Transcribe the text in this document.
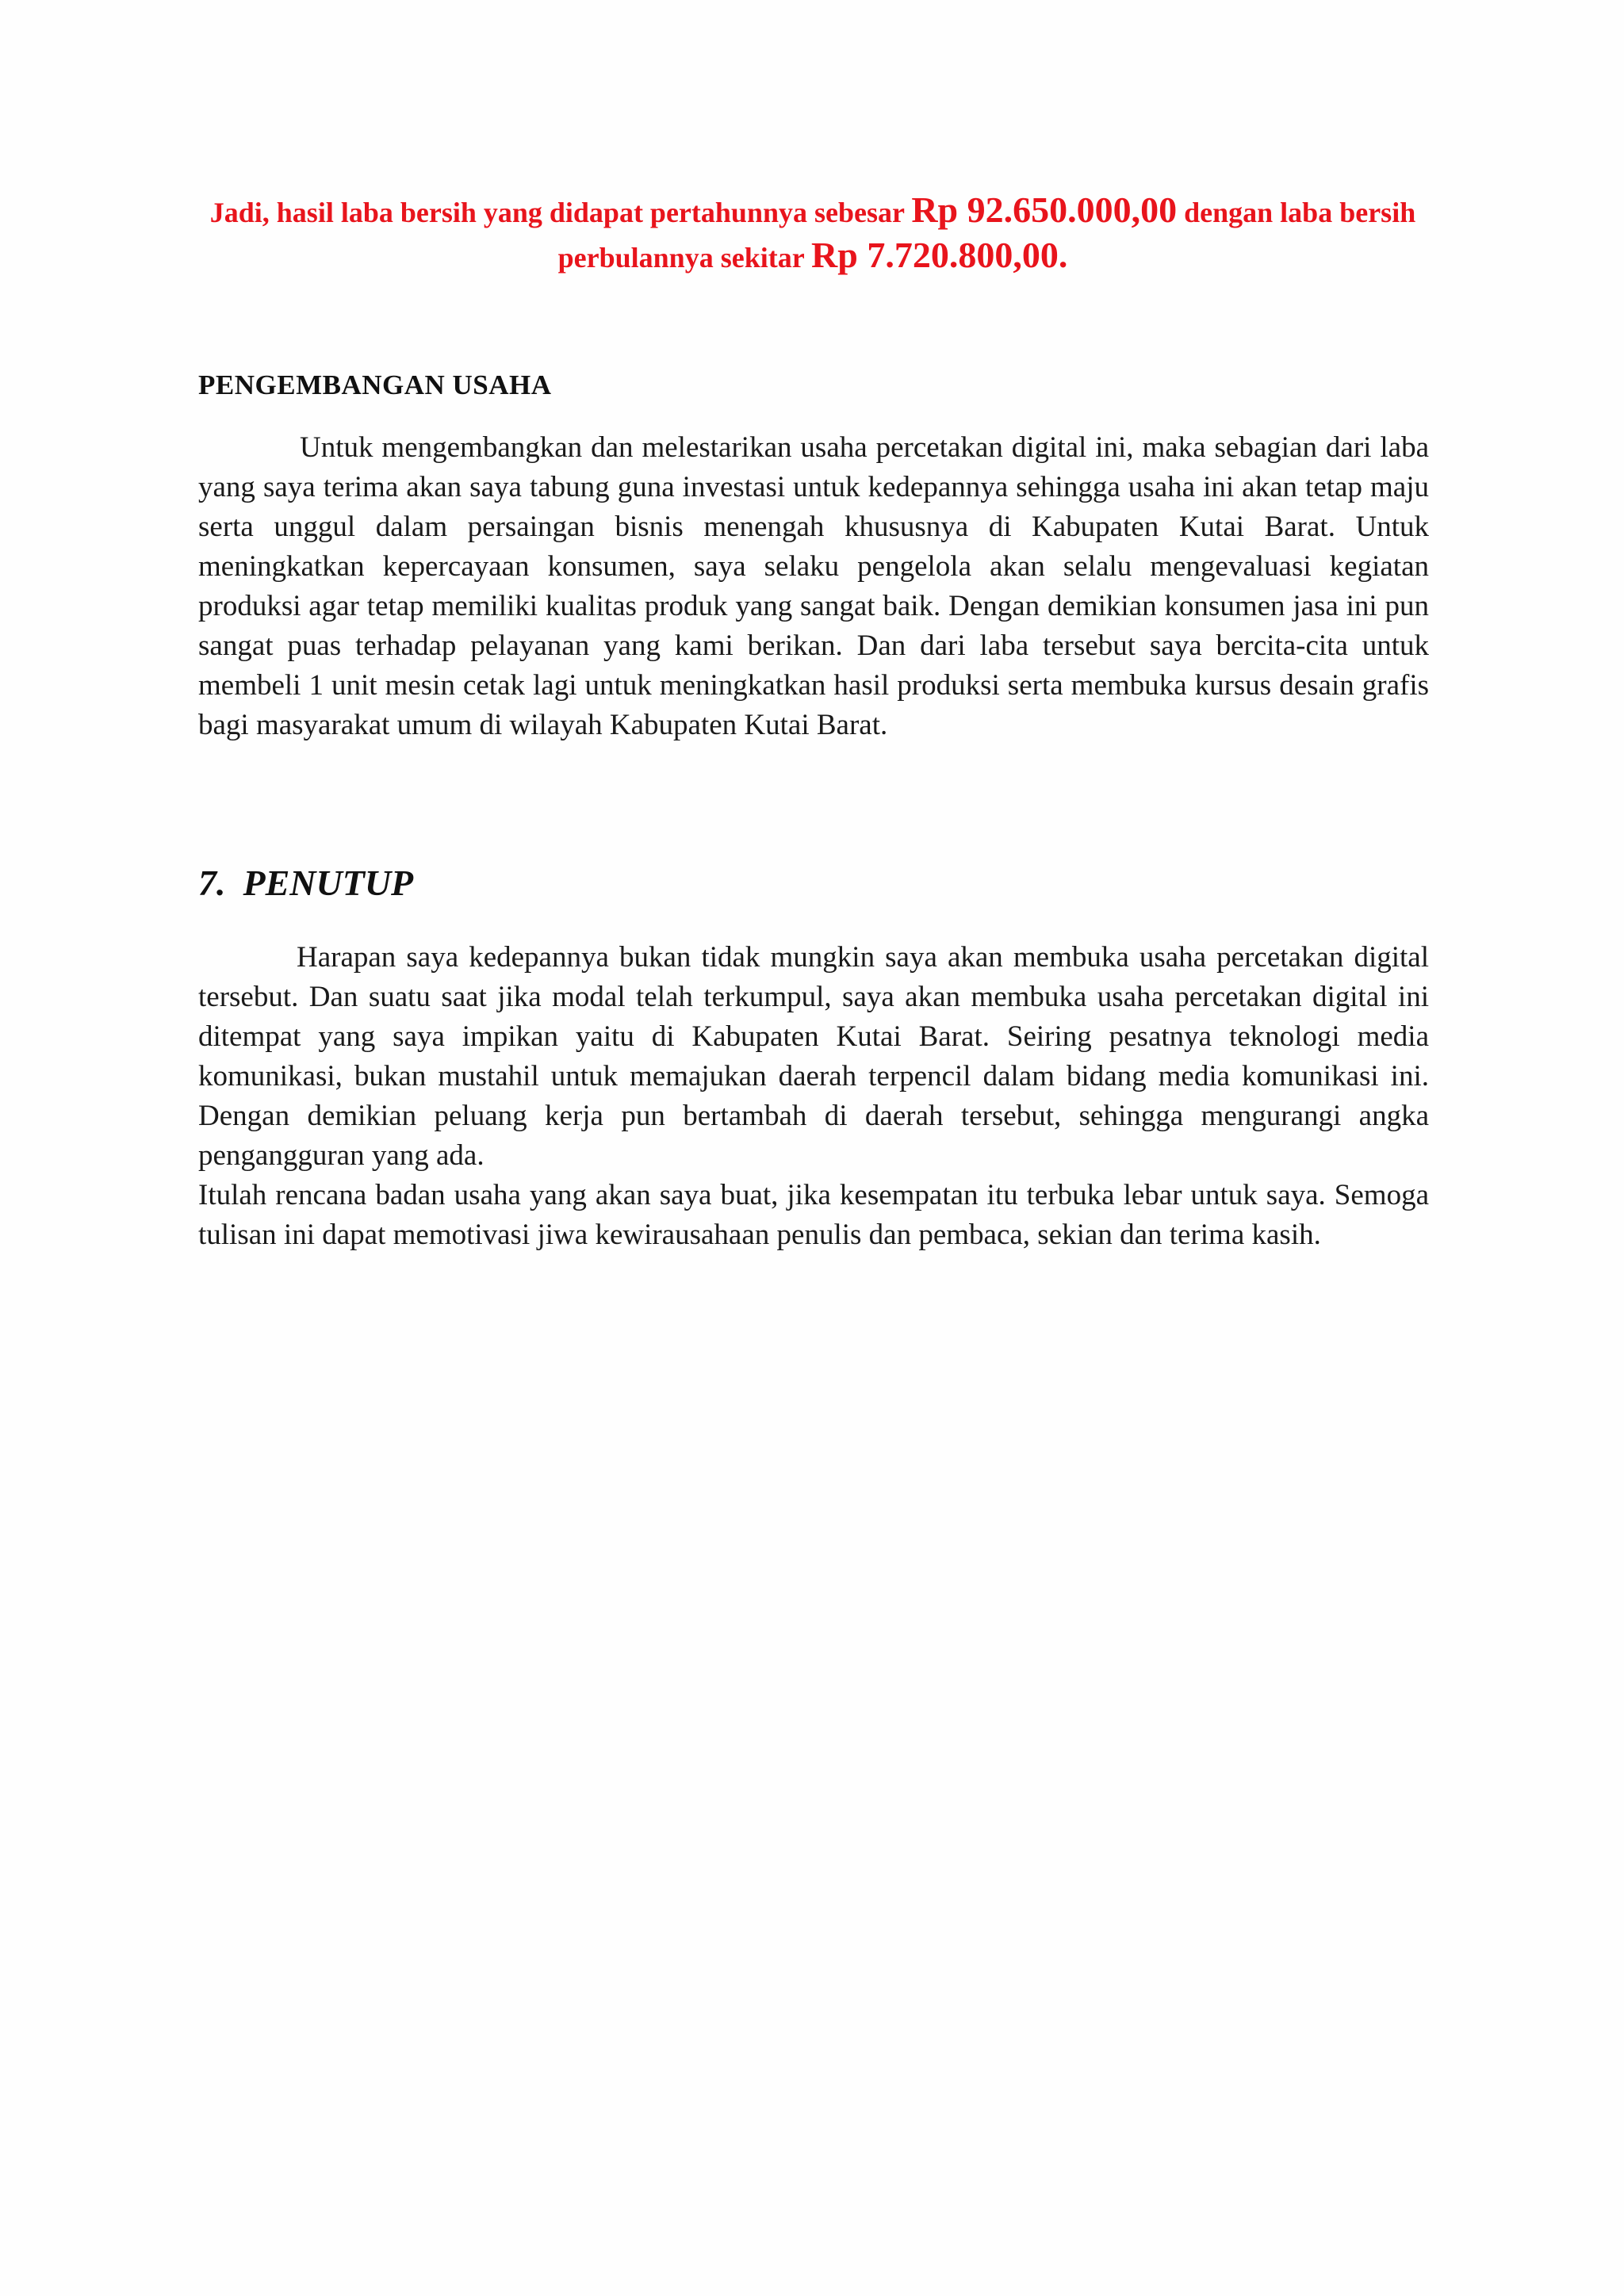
Jadi, hasil laba bersih yang didapat pertahunnya sebesar Rp 92.650.000,00 dengan laba bersih perbulannya sekitar Rp 7.720.800,00.

PENGEMBANGAN USAHA

Untuk mengembangkan dan melestarikan usaha percetakan digital ini, maka sebagian dari laba yang saya terima akan saya tabung guna investasi untuk kedepannya sehingga usaha ini akan tetap maju serta unggul dalam persaingan bisnis menengah khususnya di Kabupaten Kutai Barat. Untuk meningkatkan kepercayaan konsumen, saya selaku pengelola akan selalu mengevaluasi kegiatan produksi agar tetap memiliki kualitas produk yang sangat baik. Dengan demikian konsumen jasa ini pun sangat puas terhadap pelayanan yang kami berikan. Dan dari laba tersebut saya bercita-cita untuk membeli 1 unit mesin cetak lagi untuk meningkatkan hasil produksi serta membuka kursus desain grafis bagi masyarakat umum di wilayah Kabupaten Kutai Barat.

7. PENUTUP

Harapan saya kedepannya bukan tidak mungkin saya akan membuka usaha percetakan digital tersebut. Dan suatu saat jika modal telah terkumpul, saya akan membuka usaha percetakan digital ini ditempat yang saya impikan yaitu di Kabupaten Kutai Barat. Seiring pesatnya teknologi media komunikasi, bukan mustahil untuk memajukan daerah terpencil dalam bidang media komunikasi ini. Dengan demikian peluang kerja pun bertambah di daerah tersebut, sehingga mengurangi angka pengangguran yang ada.

Itulah rencana badan usaha yang akan saya buat, jika kesempatan itu terbuka lebar untuk saya. Semoga tulisan ini dapat memotivasi jiwa kewirausahaan penulis dan pembaca, sekian dan terima kasih.
